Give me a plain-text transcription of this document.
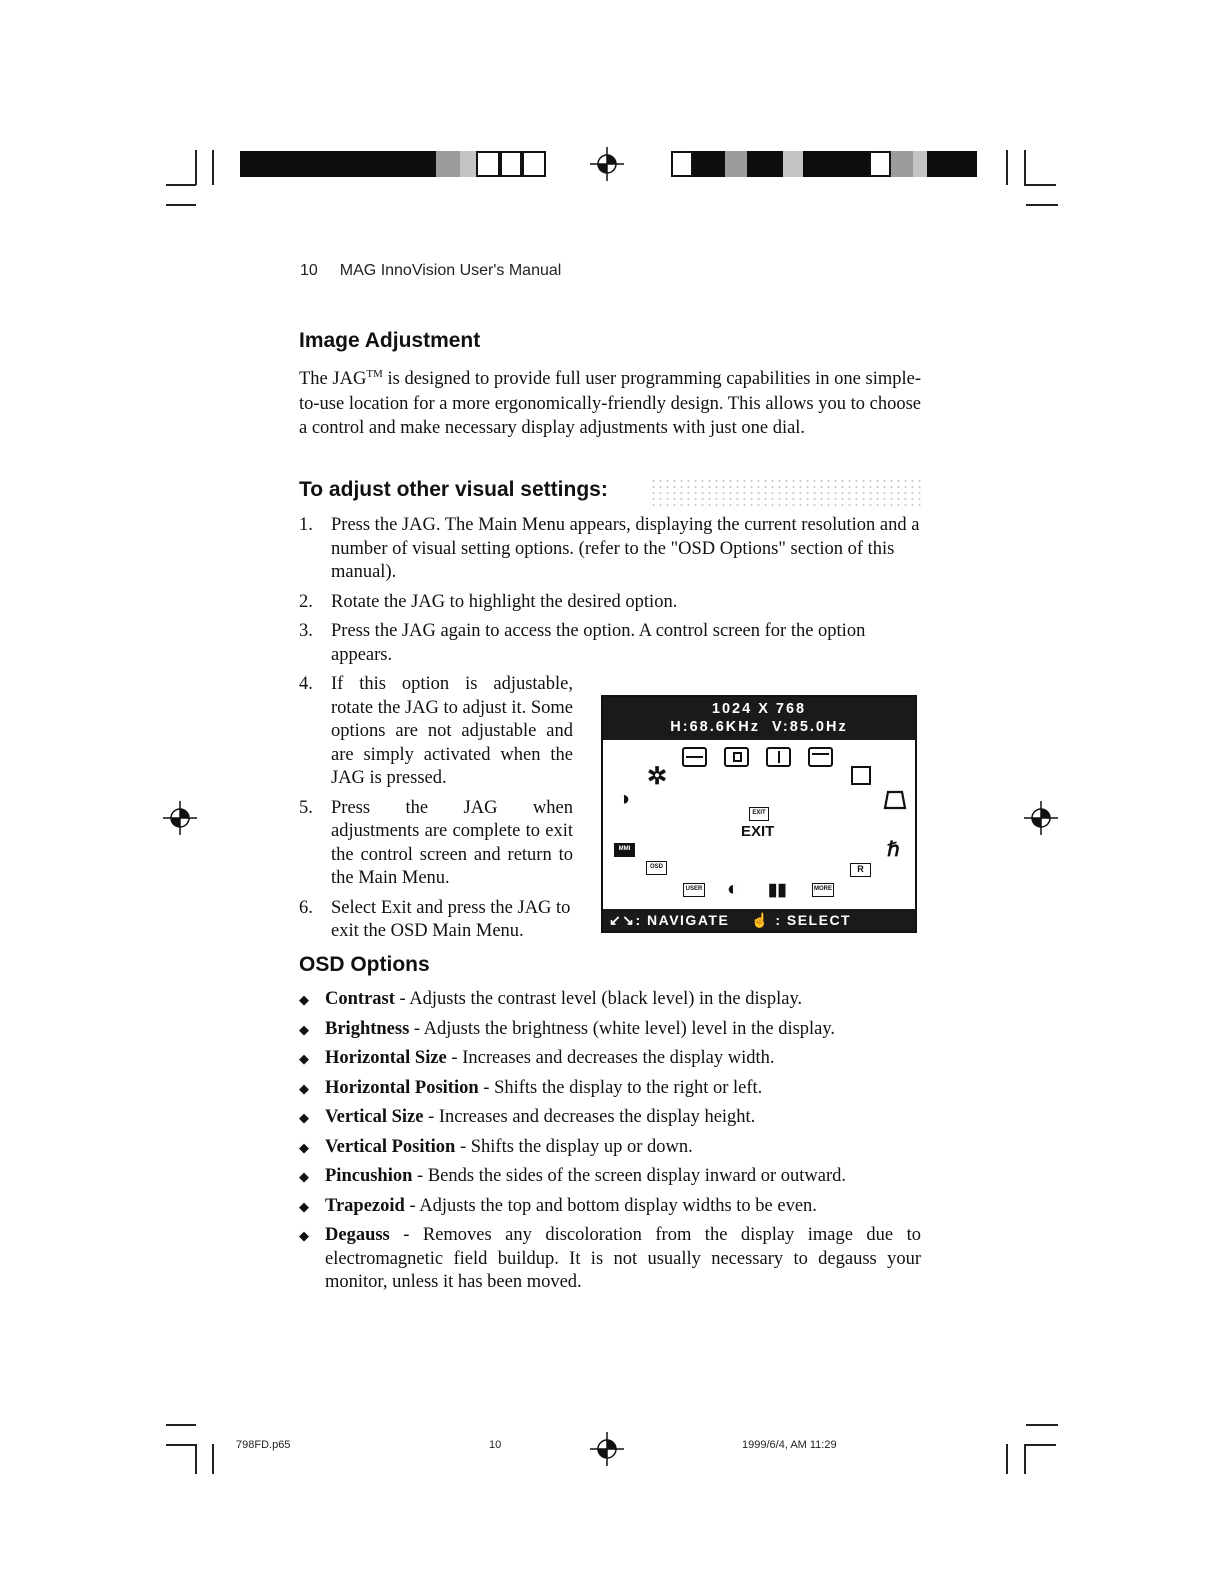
10 MAG InnoVision User's Manual
Image Adjustment
The JAG™ is designed to provide full user programming capabilities in one simple-to-use location for a more ergonomically-friendly design. This allows you to choose a control and make necessary display adjustments with just one dial.
To adjust other visual settings:
1. Press the JAG. The Main Menu appears, displaying the current resolution and a number of visual setting options. (refer to the "OSD Options" section of this manual).
2. Rotate the JAG to highlight the desired option.
3. Press the JAG again to access the option. A control screen for the option appears.
4. If this option is adjustable, rotate the JAG to adjust it. Some options are not adjustable and are simply activated when the JAG is pressed.
5. Press the JAG when adjustments are complete to exit the control screen and return to the Main Menu.
6. Select Exit and press the JAG to exit the OSD Main Menu.
1024 X 768
H:68.6KHz  V:85.0Hz
✲
◑
EXIT
EXIT
MMI	ℏ
OSD	R
USER ◐ ▮▮	MORE
↙↘: NAVIGATE ☝ : SELECT
OSD Options
◆ Contrast - Adjusts the contrast level (black level) in the display.
◆ Brightness - Adjusts the brightness (white level) level in the display.
◆ Horizontal Size - Increases and decreases the display width.
◆ Horizontal Position - Shifts the display to the right or left.
◆ Vertical Size - Increases and decreases the display height.
◆ Vertical Position - Shifts the display up or down.
◆ Pincushion - Bends the sides of the screen display inward or outward.
◆ Trapezoid - Adjusts the top and bottom display widths to be even.
◆ Degauss - Removes any discoloration from the display image due to electromagnetic field buildup. It is not usually necessary to degauss your monitor, unless it has been moved.
798FD.p65	10	1999/6/4, AM 11:29
